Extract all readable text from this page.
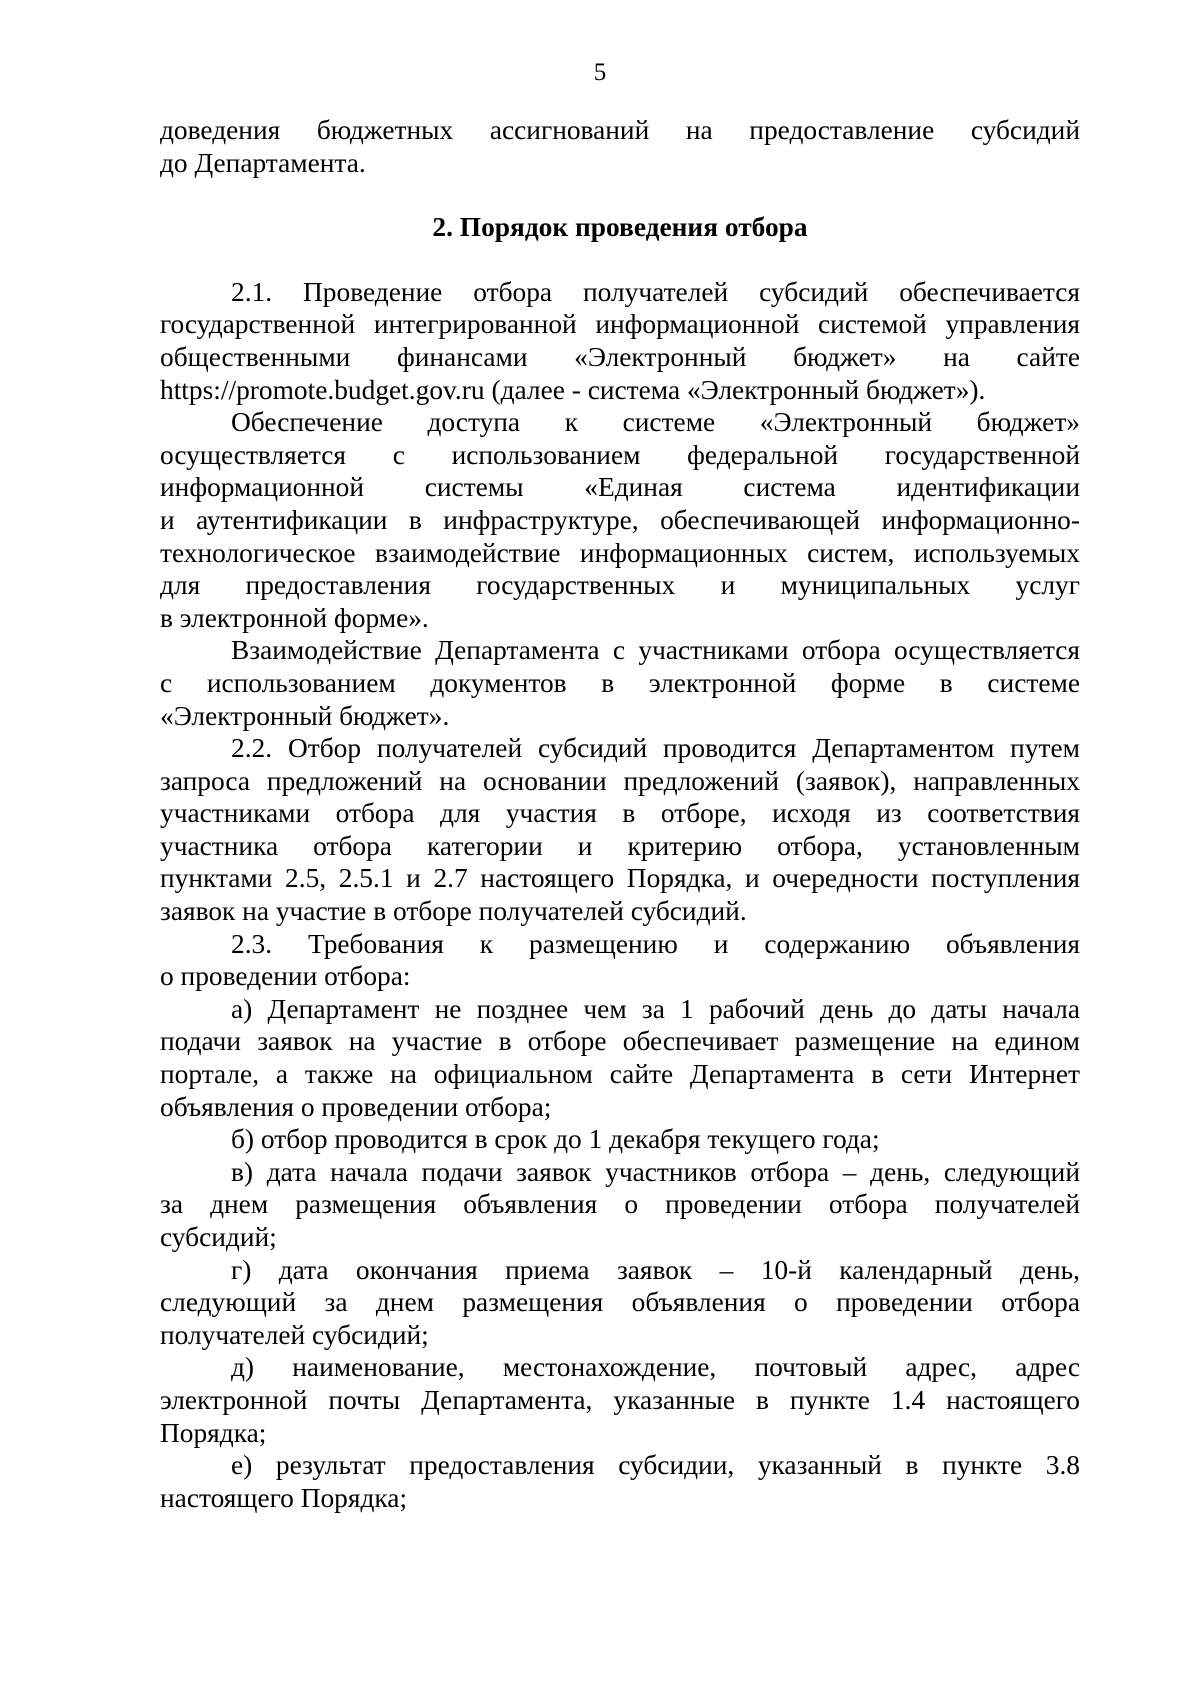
5

доведения бюджетных ассигнований на предоставление субсидий

до Департамента.

2. Порядок проведения отбора

2.1. Проведение отбора получателей субсидий обеспечивается

государственной интегрированной информационной системой управления

общественными финансами «Электронный бюджет» на сайте

https://promote.budget.gov.ru (далее - система «Электронный бюджет»).

Обеспечение доступа к системе «Электронный бюджет»

осуществляется с использованием федеральной государственной

информационной системы «Единая система идентификации

и аутентификации в инфраструктуре, обеспечивающей информационно-

технологическое взаимодействие информационных систем, используемых

для предоставления государственных и муниципальных услуг

в электронной форме».

Взаимодействие Департамента с участниками отбора осуществляется

с использованием документов в электронной форме в системе

«Электронный бюджет».

2.2. Отбор получателей субсидий проводится Департаментом путем

запроса предложений на основании предложений (заявок), направленных

участниками отбора для участия в отборе, исходя из соответствия

участника отбора категории и критерию отбора, установленным

пунктами 2.5, 2.5.1 и 2.7 настоящего Порядка, и очередности поступления

заявок на участие в отборе получателей субсидий.

2.3. Требования к размещению и содержанию объявления

о проведении отбора:

а) Департамент не позднее чем за 1 рабочий день до даты начала

подачи заявок на участие в отборе обеспечивает размещение на едином

портале, а также на официальном сайте Департамента в сети Интернет

объявления о проведении отбора;

б) отбор проводится в срок до 1 декабря текущего года;

в) дата начала подачи заявок участников отбора – день, следующий

за днем размещения объявления о проведении отбора получателей

субсидий;

г) дата окончания приема заявок – 10-й календарный день,

следующий за днем размещения объявления о проведении отбора

получателей субсидий;

д) наименование, местонахождение, почтовый адрес, адрес

электронной почты Департамента, указанные в пункте 1.4 настоящего

Порядка;

е) результат предоставления субсидии, указанный в пункте 3.8

настоящего Порядка;
